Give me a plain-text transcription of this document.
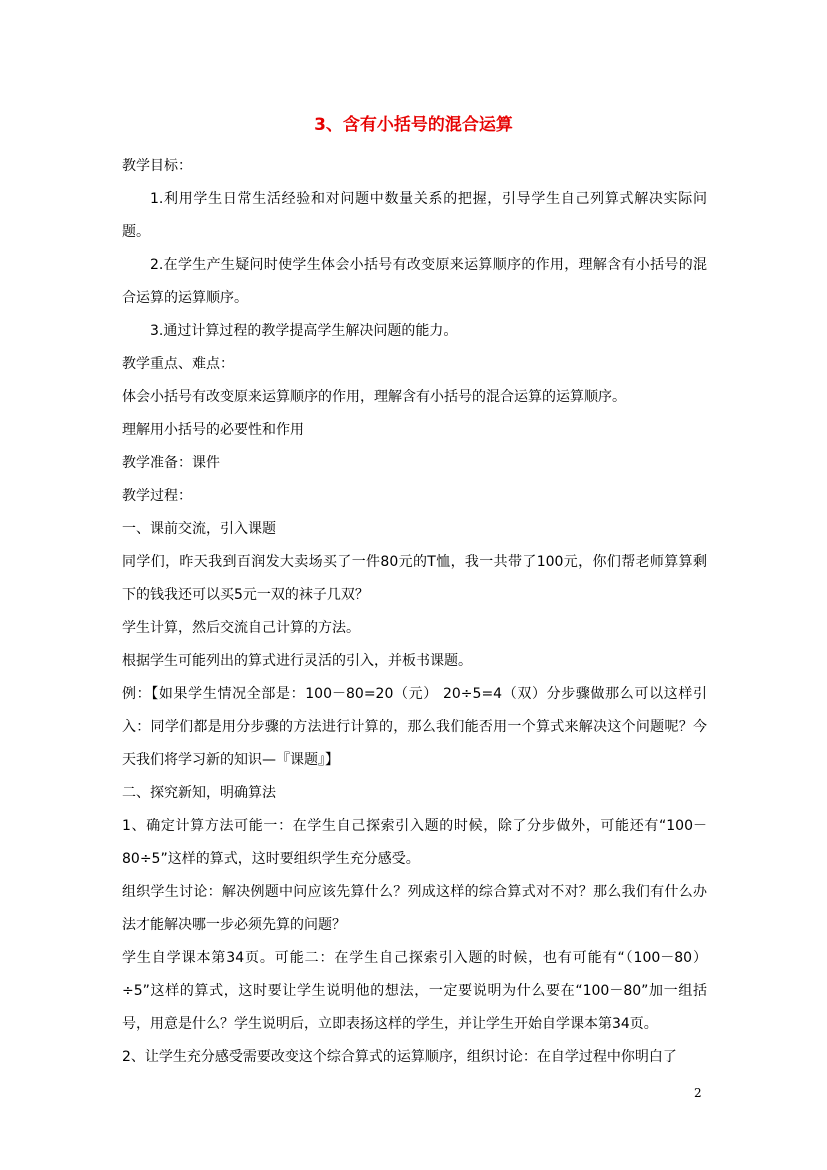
3、含有小括号的混合运算

教学目标：

1.利用学生日常生活经验和对问题中数量关系的把握，引导学生自己列算式解决实际问题。

2.在学生产生疑问时使学生体会小括号有改变原来运算顺序的作用，理解含有小括号的混合运算的运算顺序。

3.通过计算过程的教学提高学生解决问题的能力。

教学重点、难点：

体会小括号有改变原来运算顺序的作用，理解含有小括号的混合运算的运算顺序。

理解用小括号的必要性和作用

教学准备：课件

教学过程：

一、课前交流，引入课题

同学们，昨天我到百润发大卖场买了一件80元的T恤，我一共带了100元，你们帮老师算算剩下的钱我还可以买5元一双的袜子几双？

学生计算，然后交流自己计算的方法。

根据学生可能列出的算式进行灵活的引入，并板书课题。

例：【如果学生情况全部是：100－80=20（元） 20÷5=4（双）分步骤做那么可以这样引入：同学们都是用分步骤的方法进行计算的，那么我们能否用一个算式来解决这个问题呢？今天我们将学习新的知识—『课题』】

二、探究新知，明确算法

1、确定计算方法可能一：在学生自己探索引入题的时候，除了分步做外，可能还有“100－80÷5”这样的算式，这时要组织学生充分感受。

组织学生讨论：解决例题中问应该先算什么？列成这样的综合算式对不对？那么我们有什么办法才能解决哪一步必须先算的问题？

学生自学课本第34页。可能二：在学生自己探索引入题的时候，也有可能有“（100－80）÷5”这样的算式，这时要让学生说明他的想法，一定要说明为什么要在“100－80”加一组括号，用意是什么？学生说明后，立即表扬这样的学生，并让学生开始自学课本第34页。

2、让学生充分感受需要改变这个综合算式的运算顺序，组织讨论：在自学过程中你明白了

2
